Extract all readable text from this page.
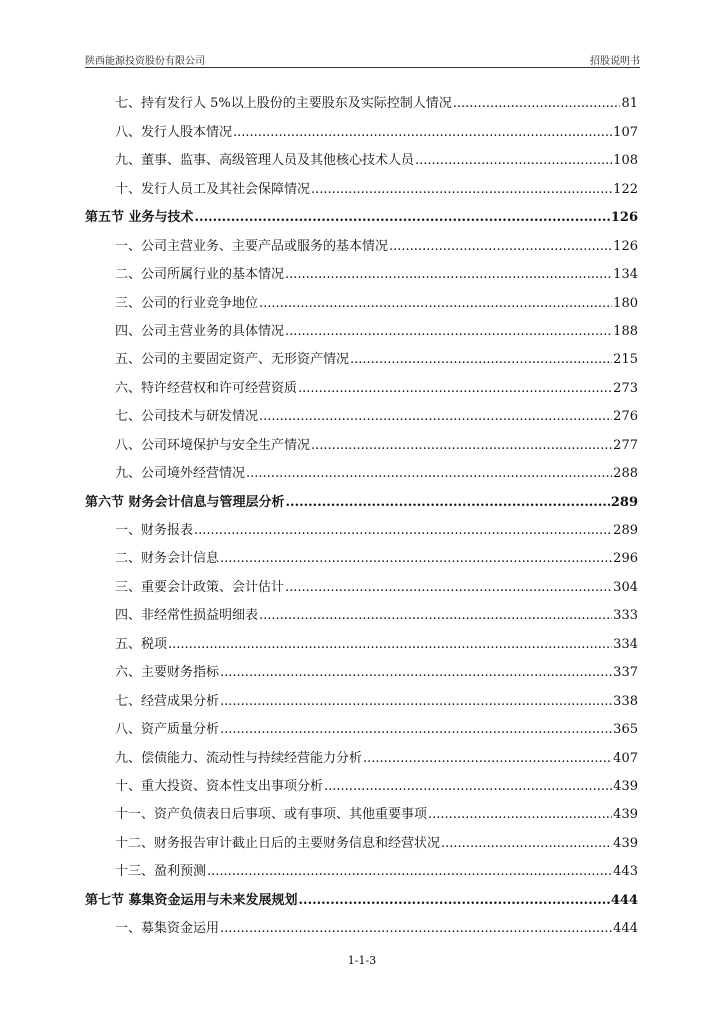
陕西能源投资股份有限公司	招股说明书
七、持有发行人 5%以上股份的主要股东及实际控制人情况 .....	81
八、发行人股本情况 .....	107
九、董事、监事、高级管理人员及其他核心技术人员 .....	108
十、发行人员工及其社会保障情况 .....	122
第五节 业务与技术 .....	126
一、公司主营业务、主要产品或服务的基本情况 .....	126
二、公司所属行业的基本情况 .....	134
三、公司的行业竞争地位 .....	180
四、公司主营业务的具体情况 .....	188
五、公司的主要固定资产、无形资产情况 .....	215
六、特许经营权和许可经营资质 .....	273
七、公司技术与研发情况 .....	276
八、公司环境保护与安全生产情况 .....	277
九、公司境外经营情况 .....	288
第六节 财务会计信息与管理层分析 .....	289
一、财务报表 .....	289
二、财务会计信息 .....	296
三、重要会计政策、会计估计 .....	304
四、非经常性损益明细表 .....	333
五、税项 .....	334
六、主要财务指标 .....	337
七、经营成果分析 .....	338
八、资产质量分析 .....	365
九、偿债能力、流动性与持续经营能力分析 .....	407
十、重大投资、资本性支出事项分析 .....	439
十一、资产负债表日后事项、或有事项、其他重要事项 .....	439
十二、财务报告审计截止日后的主要财务信息和经营状况 .....	439
十三、盈利预测 .....	443
第七节 募集资金运用与未来发展规划 .....	444
一、募集资金运用 .....	444
1-1-3
